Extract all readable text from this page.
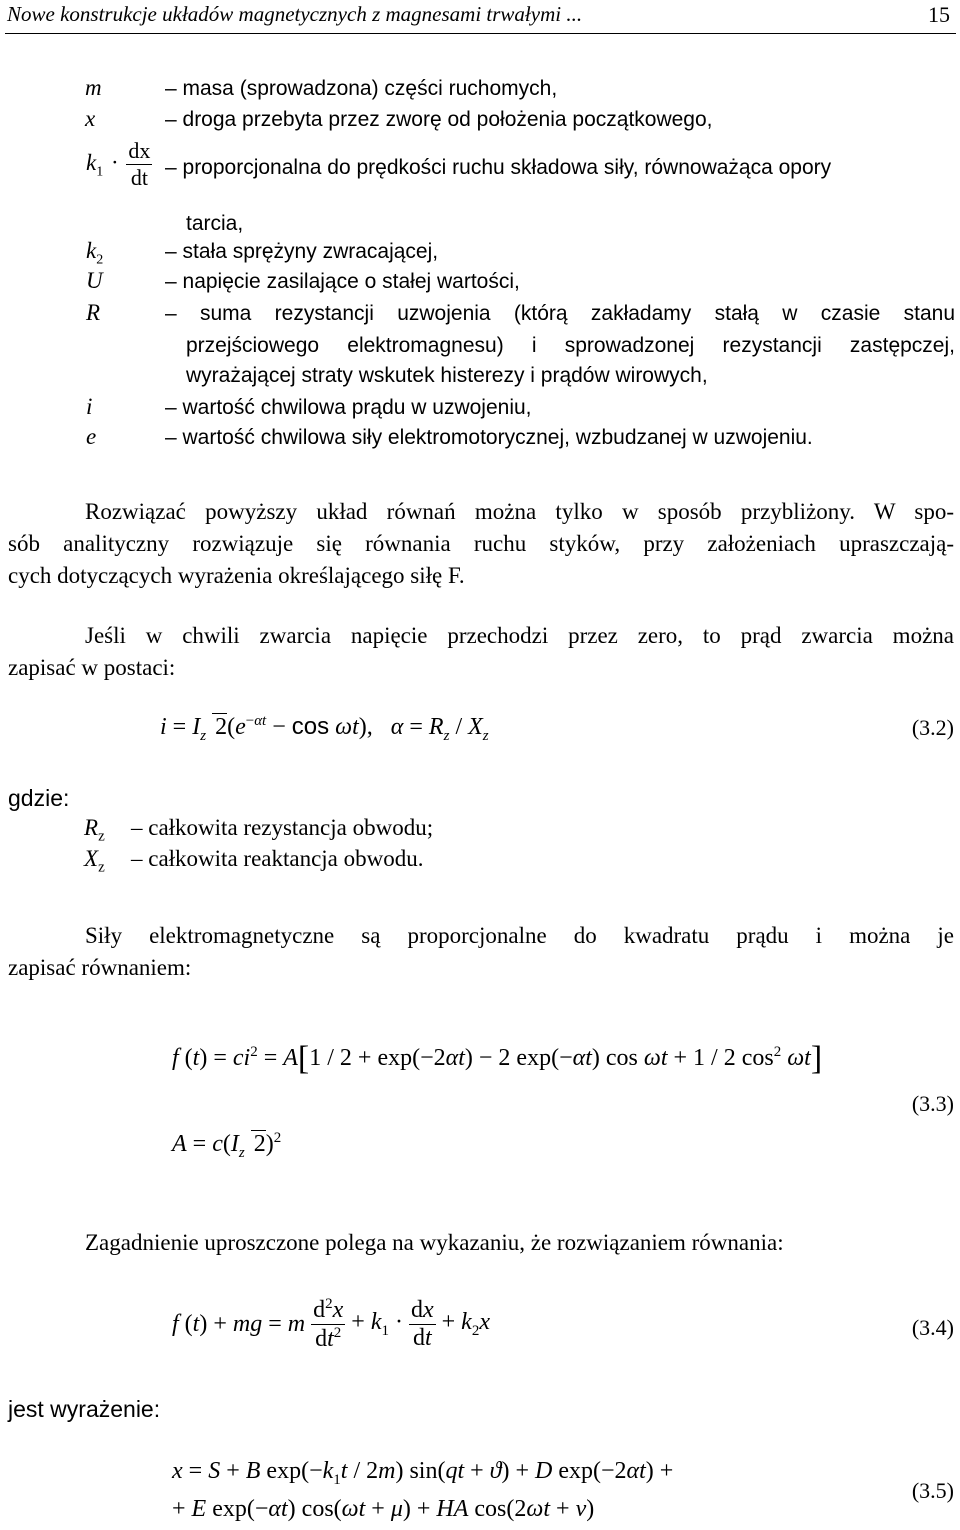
Nowe konstrukcje układów magnetycznych z magnesami trwałymi ...	15
m	– masa (sprowadzona) części ruchomych,
x	– droga przebyta przez zworę od położenia początkowego,
$k_1 \cdot \frac{dx}{dt}$ – proporcjonalna do prędkości ruchu składowa siły, równoważąca opory
tarcia,
$k_2$	– stała sprężyny zwracającej,
U	– napięcie zasilające o stałej wartości,
R	– suma rezystancji uzwojenia (którą zakładamy stałą w czasie stanu
przejściowego elektromagnesu) i sprowadzonej rezystancji zastępczej,
wyrażającej straty wskutek histerezy i prądów wirowych,
i	– wartość chwilowa prądu w uzwojeniu,
e	– wartość chwilowa siły elektromotorycznej, wzbudzanej w uzwojeniu.
Rozwiązać powyższy układ równań można tylko w sposób przybliżony. W spo-
sób analityczny rozwiązuje się równania ruchu styków, przy założeniach upraszczają-
cych dotyczących wyrażenia określającego siłę F.
Jeśli w chwili zwarcia napięcie przechodzi przez zero, to prąd zwarcia można
zapisać w postaci:
$i = I_z$ $2(e^{-\alpha t} - \cos \omega t)$,   $\alpha = R_z / X_z$	(3.2)
gdzie:
$R_z$ – całkowita rezystancja obwodu;
$X_z$ – całkowita reaktancja obwodu.
Siły elektromagnetyczne są proporcjonalne do kwadratu prądu i można je
zapisać równaniem:
f $(t) = ci^2 = A[1 / 2 + \exp(-2\alpha t) - 2$ exp(−αt) cos ωt + 1 / 2 $\cos^2 \omega t$]
$A = c(I_z$ 2)$^2$
(3.3)
Zagadnienie uproszczone polega na wykazaniu, że rozwiązaniem równania:
f (t) + mg = m $\frac{d^2x}{dt^2} + k_1 \cdot \frac{dx}{dt} + k_2x$	(3.4)
jest wyrażenie:
x = S + B $\exp(-k_1t / 2m) \sin(qt + ϑ) + D$ exp(−2αt) +
+ E exp(−αt) cos(ωt + μ) + HA cos(2ωt + ν)
(3.5)
